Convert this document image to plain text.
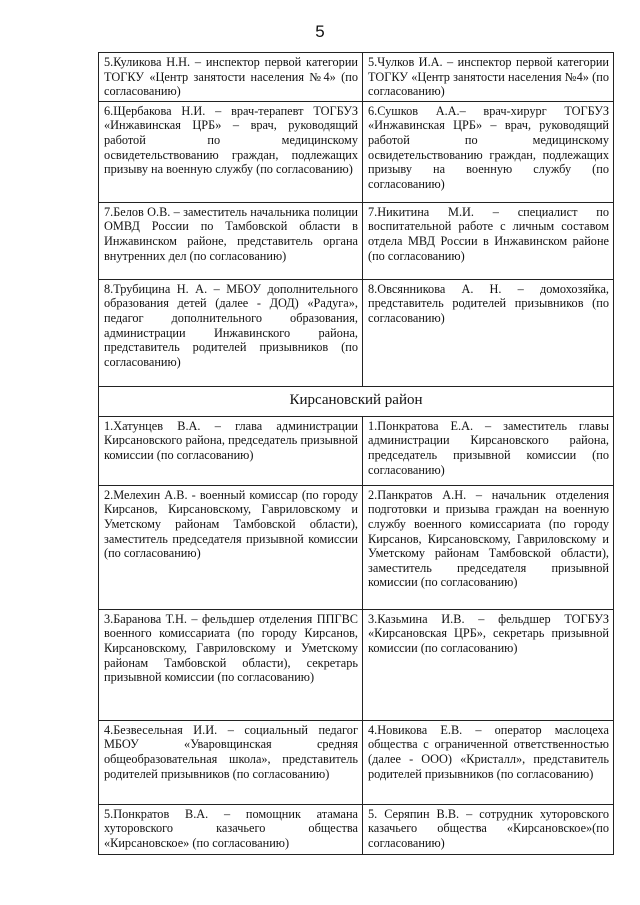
5
5.Куликова Н.Н. – инспектор первой категории ТОГКУ «Центр занятости населения №4» (по согласованию)	5.Чулков И.А. – инспектор первой категории ТОГКУ «Центр занятости населения №4» (по согласованию)
6.Щербакова Н.И. – врач-терапевт ТОГБУЗ «Инжавинская ЦРБ» – врач, руководящий работой по медицинскому освидетельствованию граждан, подлежащих призыву на военную службу (по согласованию)	6.Сушков А.А.– врач-хирург ТОГБУЗ «Инжавинская ЦРБ» – врач, руководящий работой по медицинскому освидетельствованию граждан, подлежащих призыву на военную службу (по согласованию)
7.Белов О.В. – заместитель начальника полиции ОМВД России по Тамбовской области в Инжавинском районе, представитель органа внутренних дел (по согласованию)	7.Никитина М.И. – специалист по воспитательной работе с личным составом отдела МВД России в Инжавинском районе (по согласованию)
8.Трубицина Н. А. – МБОУ дополнительного образования детей (далее - ДОД) «Радуга», педагог дополнительного образования, администрации Инжавинского района, представитель родителей призывников (по согласованию)	8.Овсянникова А. Н. – домохозяйка, представитель родителей призывников (по согласованию)
Кирсановский район	
1.Хатунцев В.А. – глава администрации Кирсановского района, председатель призывной комиссии (по согласованию)	1.Понкратова Е.А. – заместитель главы администрации Кирсановского района, председатель призывной комиссии (по согласованию)
2.Мелехин А.В. - военный комиссар (по городу Кирсанов, Кирсановскому, Гавриловскому и Уметскому районам Тамбовской области), заместитель председателя призывной комиссии (по согласованию)	2.Панкратов А.Н. – начальник отделения подготовки и призыва граждан на военную службу военного комиссариата (по городу Кирсанов, Кирсановскому, Гавриловскому и Уметскому районам Тамбовской области), заместитель председателя призывной комиссии (по согласованию)
3.Баранова Т.Н. – фельдшер отделения ППГВС военного комиссариата (по городу Кирсанов, Кирсановскому, Гавриловскому и Уметскому районам Тамбовской области), секретарь призывной комиссии (по согласованию)	3.Казьмина И.В. – фельдшер ТОГБУЗ «Кирсановская ЦРБ», секретарь призывной комиссии (по согласованию)
4.Безвесельная И.И. – социальный педагог МБОУ «Уваровщинская средняя общеобразовательная школа», представитель родителей призывников (по согласованию)	4.Новикова Е.В. – оператор маслоцеха общества с ограниченной ответственностью (далее - ООО) «Кристалл», представитель родителей призывников (по согласованию)
5.Понкратов В.А. – помощник атамана хуторовского казачьего общества «Кирсановское» (по согласованию)	5. Серяпин В.В. – сотрудник хуторовского казачьего общества «Кирсановское»(по согласованию)
